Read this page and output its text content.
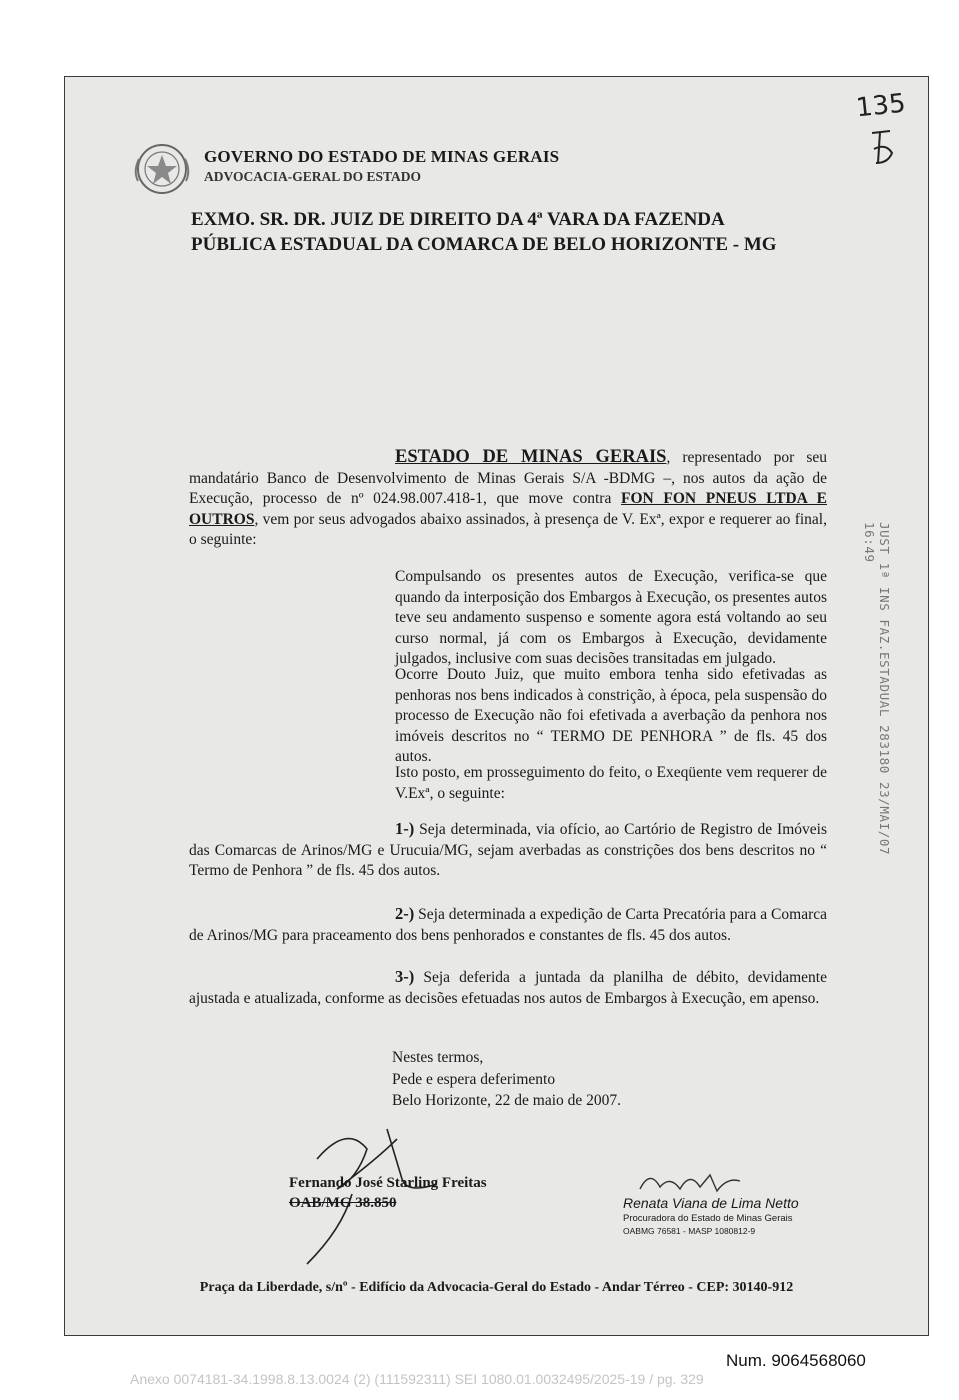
GOVERNO DO ESTADO DE MINAS GERAIS
ADVOCACIA-GERAL DO ESTADO
135
EXMO. SR. DR. JUIZ DE DIREITO DA 4ª VARA DA FAZENDA
PÚBLICA ESTADUAL DA COMARCA DE BELO HORIZONTE - MG
ESTADO DE MINAS GERAIS, representado por seu mandatário Banco de Desenvolvimento de Minas Gerais S/A -BDMG –, nos autos da ação de Execução, processo de nº 024.98.007.418-1, que move contra FON FON PNEUS LTDA E OUTROS, vem por seus advogados abaixo assinados, à presença de V. Exª, expor e requerer ao final, o seguinte:
Compulsando os presentes autos de Execução, verifica-se que quando da interposição dos Embargos à Execução, os presentes autos teve seu andamento suspenso e somente agora está voltando ao seu curso normal, já com os Embargos à Execução, devidamente julgados, inclusive com suas decisões transitadas em julgado.
Ocorre Douto Juiz, que muito embora tenha sido efetivadas as penhoras nos bens indicados à constrição, à época, pela suspensão do processo de Execução não foi efetivada a averbação da penhora nos imóveis descritos no “ TERMO DE PENHORA ” de fls. 45 dos autos.
Isto posto, em prosseguimento do feito, o Exeqüente vem requerer de V.Exª, o seguinte:
1-) Seja determinada, via ofício, ao Cartório de Registro de Imóveis das Comarcas de Arinos/MG e Urucuia/MG, sejam averbadas as constrições dos bens descritos no “ Termo de Penhora ” de fls. 45 dos autos.
2-) Seja determinada a expedição de Carta Precatória para a Comarca de Arinos/MG para praceamento dos bens penhorados e constantes de fls. 45 dos autos.
3-) Seja deferida a juntada da planilha de débito, devidamente ajustada e atualizada, conforme as decisões efetuadas nos autos de Embargos à Execução, em apenso.
Nestes termos,
Pede e espera deferimento
Belo Horizonte, 22 de maio de 2007.
Fernando José Starling Freitas
OAB/MG 38.850	Renata Viana de Lima Netto
Procuradora do Estado de Minas Gerais
OABMG 76581 - MASP 1080812-9
Praça da Liberdade, s/nº - Edifício da Advocacia-Geral do Estado - Andar Térreo - CEP: 30140-912
JUST 1ª INS FAZ.ESTADUAL 283180 23/MAI/07 16:49
Num. 9064568060
Anexo 0074181-34.1998.8.13.0024 (2) (111592311) SEI 1080.01.0032495/2025-19 / pg. 329
